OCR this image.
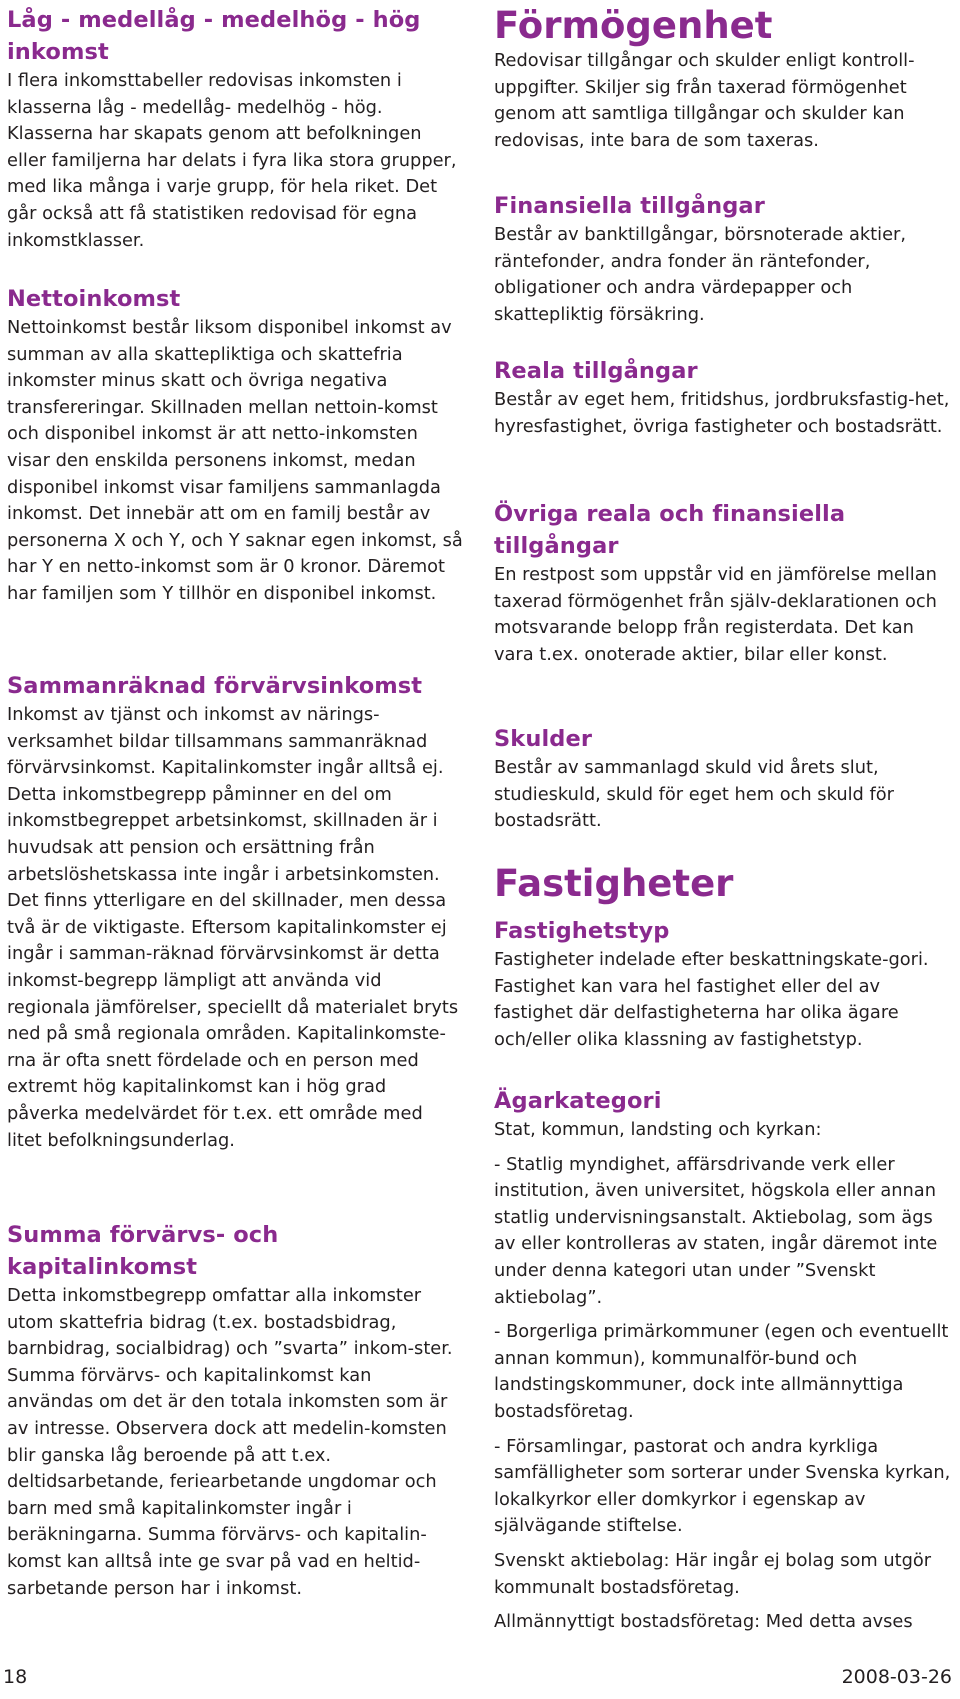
Låg - medellåg - medelhög - hög inkomst

I flera inkomsttabeller redovisas inkomsten i klasserna låg - medellåg- medelhög - hög. Klasserna har skapats genom att befolkningen eller familjerna har delats i fyra lika stora grupper, med lika många i varje grupp, för hela riket. Det går också att få statistiken redovisad för egna inkomstklasser.

Nettoinkomst

Nettoinkomst består liksom disponibel inkomst av summan av alla skattepliktiga och skattefria inkomster minus skatt och övriga negativa transfereringar. Skillnaden mellan nettoin-komst och disponibel inkomst är att netto-inkomsten visar den enskilda personens inkomst, medan disponibel inkomst visar familjens sammanlagda inkomst. Det innebär att om en familj består av personerna X och Y, och Y saknar egen inkomst, så har Y en netto-inkomst som är 0 kronor. Däremot har familjen som Y tillhör en disponibel inkomst.

Sammanräknad förvärvsinkomst

Inkomst av tjänst och inkomst av närings-verksamhet bildar tillsammans sammanräknad förvärvsinkomst. Kapitalinkomster ingår alltså ej. Detta inkomstbegrepp påminner en del om inkomstbegreppet arbetsinkomst, skillnaden är i huvudsak att pension och ersättning från arbetslöshetskassa inte ingår i arbetsinkomsten. Det finns ytterligare en del skillnader, men dessa två är de viktigaste. Eftersom kapitalinkomster ej ingår i samman-räknad förvärvsinkomst är detta inkomst-begrepp lämpligt att använda vid regionala jämförelser, speciellt då materialet bryts ned på små regionala områden. Kapitalinkomste-rna är ofta snett fördelade och en person med extremt hög kapitalinkomst kan i hög grad påverka medelvärdet för t.ex. ett område med litet befolkningsunderlag.

Summa förvärvs- och kapitalinkomst

Detta inkomstbegrepp omfattar alla inkomster utom skattefria bidrag (t.ex. bostadsbidrag, barnbidrag, socialbidrag) och ”svarta” inkom-ster. Summa förvärvs- och kapitalinkomst kan användas om det är den totala inkomsten som är av intresse. Observera dock att medelin-komsten blir ganska låg beroende på att t.ex. deltidsarbetande, feriearbetande ungdomar och barn med små kapitalinkomster ingår i beräkningarna. Summa förvärvs- och kapitalin-komst kan alltså inte ge svar på vad en heltid-sarbetande person har i inkomst.

Förmögenhet

Redovisar tillgångar och skulder enligt kontroll-uppgifter. Skiljer sig från taxerad förmögenhet genom att samtliga tillgångar och skulder kan redovisas, inte bara de som taxeras.

Finansiella tillgångar

Består av banktillgångar, börsnoterade aktier, räntefonder, andra fonder än räntefonder, obligationer och andra värdepapper och skattepliktig försäkring.

Reala tillgångar

Består av eget hem, fritidshus, jordbruksfastig-het, hyresfastighet, övriga fastigheter och bostadsrätt.

Övriga reala och finansiella tillgångar

En restpost som uppstår vid en jämförelse mellan taxerad förmögenhet från själv-deklarationen och motsvarande belopp från registerdata. Det kan vara t.ex. onoterade aktier, bilar eller konst.

Skulder

Består av sammanlagd skuld vid årets slut, studieskuld, skuld för eget hem och skuld för bostadsrätt.

Fastigheter
Fastighetstyp

Fastigheter indelade efter beskattningskate-gori. Fastighet kan vara hel fastighet eller del av fastighet där delfastigheterna har olika ägare och/eller olika klassning av fastighetstyp.

Ägarkategori

Stat, kommun, landsting och kyrkan:

- Statlig myndighet, affärsdrivande verk eller institution, även universitet, högskola eller annan statlig undervisningsanstalt. Aktiebolag, som ägs av eller kontrolleras av staten, ingår däremot inte under denna kategori utan under ”Svenskt aktiebolag”.

- Borgerliga primärkommuner (egen och eventuellt annan kommun), kommunalför-bund och landstingskommuner, dock inte allmännyttiga bostadsföretag.

- Församlingar, pastorat och andra kyrkliga samfälligheter som sorterar under Svenska kyrkan, lokalkyrkor eller domkyrkor i egenskap av självägande stiftelse.

Svenskt aktiebolag: Här ingår ej bolag som utgör kommunalt bostadsföretag.

Allmännyttigt bostadsföretag: Med detta avses

18	2008-03-26
